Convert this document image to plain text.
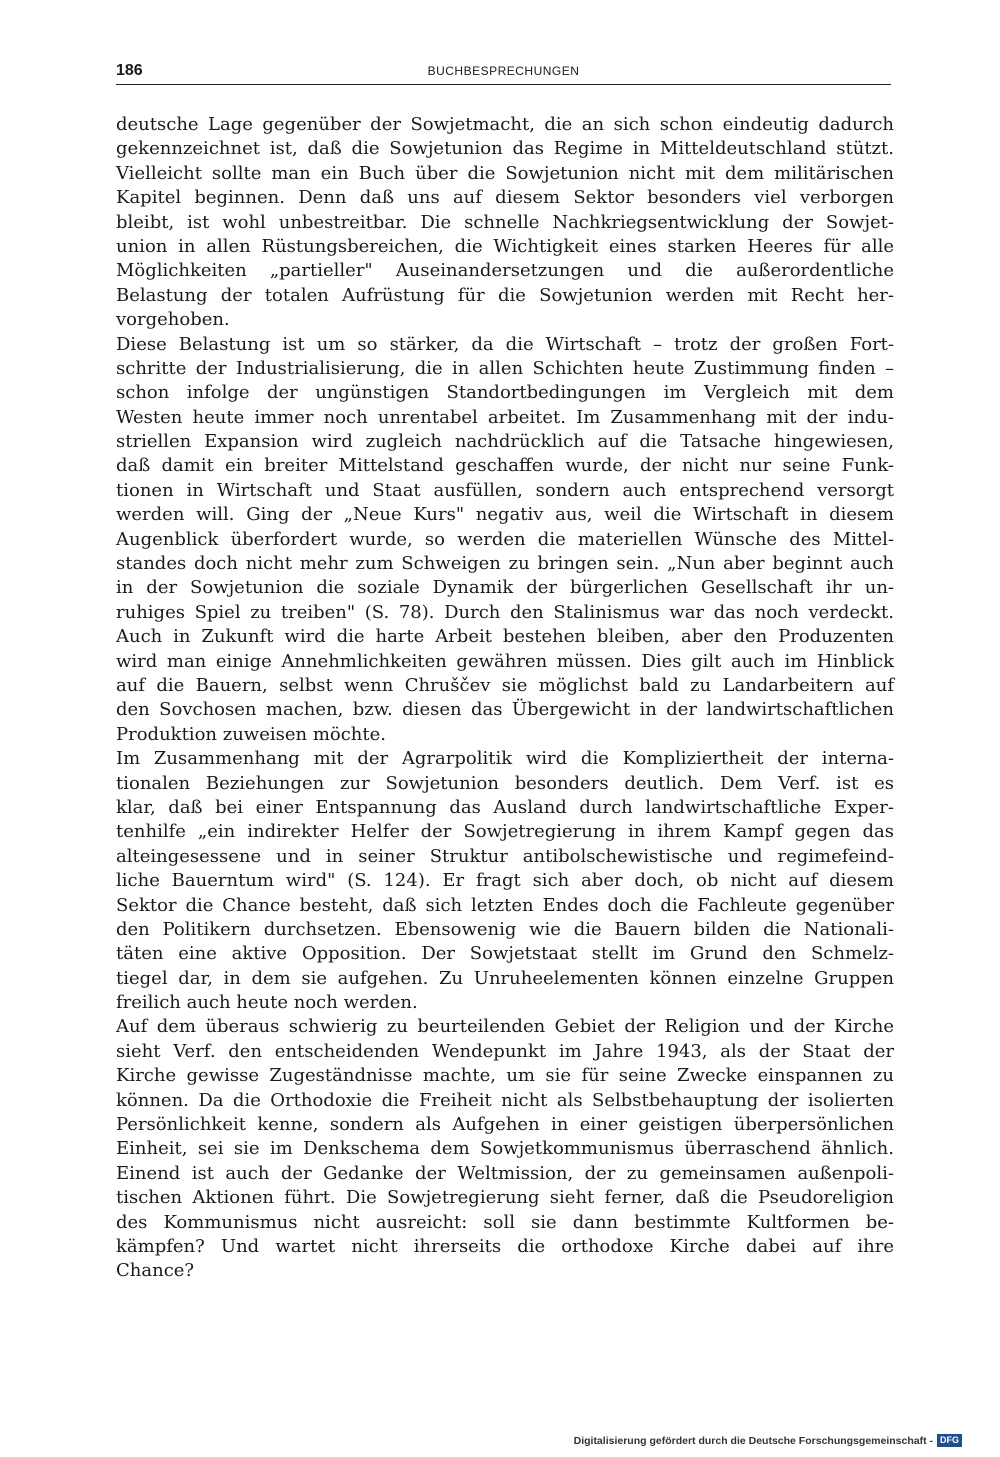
186	BUCHBESPRECHUNGEN
deutsche Lage gegenüber der Sowjetmacht, die an sich schon eindeutig dadurch
gekennzeichnet ist, daß die Sowjetunion das Regime in Mitteldeutschland stützt.
Vielleicht sollte man ein Buch über die Sowjetunion nicht mit dem militärischen
Kapitel beginnen. Denn daß uns auf diesem Sektor besonders viel verborgen
bleibt, ist wohl unbestreitbar. Die schnelle Nachkriegsentwicklung der Sowjet-
union in allen Rüstungsbereichen, die Wichtigkeit eines starken Heeres für alle
Möglichkeiten „partieller" Auseinandersetzungen und die außerordentliche
Belastung der totalen Aufrüstung für die Sowjetunion werden mit Recht her-
vorgehoben.
Diese Belastung ist um so stärker, da die Wirtschaft – trotz der großen Fort-
schritte der Industrialisierung, die in allen Schichten heute Zustimmung finden –
schon infolge der ungünstigen Standortbedingungen im Vergleich mit dem
Westen heute immer noch unrentabel arbeitet. Im Zusammenhang mit der indu-
striellen Expansion wird zugleich nachdrücklich auf die Tatsache hingewiesen,
daß damit ein breiter Mittelstand geschaffen wurde, der nicht nur seine Funk-
tionen in Wirtschaft und Staat ausfüllen, sondern auch entsprechend versorgt
werden will. Ging der „Neue Kurs" negativ aus, weil die Wirtschaft in diesem
Augenblick überfordert wurde, so werden die materiellen Wünsche des Mittel-
standes doch nicht mehr zum Schweigen zu bringen sein. „Nun aber beginnt auch
in der Sowjetunion die soziale Dynamik der bürgerlichen Gesellschaft ihr un-
ruhiges Spiel zu treiben" (S. 78). Durch den Stalinismus war das noch verdeckt.
Auch in Zukunft wird die harte Arbeit bestehen bleiben, aber den Produzenten
wird man einige Annehmlichkeiten gewähren müssen. Dies gilt auch im Hinblick
auf die Bauern, selbst wenn Chruščev sie möglichst bald zu Landarbeitern auf
den Sovchosen machen, bzw. diesen das Übergewicht in der landwirtschaftlichen
Produktion zuweisen möchte.
Im Zusammenhang mit der Agrarpolitik wird die Kompliziertheit der interna-
tionalen Beziehungen zur Sowjetunion besonders deutlich. Dem Verf. ist es
klar, daß bei einer Entspannung das Ausland durch landwirtschaftliche Exper-
tenhilfe „ein indirekter Helfer der Sowjetregierung in ihrem Kampf gegen das
alteingesessene und in seiner Struktur antibolschewistische und regimefeind-
liche Bauerntum wird" (S. 124). Er fragt sich aber doch, ob nicht auf diesem
Sektor die Chance besteht, daß sich letzten Endes doch die Fachleute gegenüber
den Politikern durchsetzen. Ebensowenig wie die Bauern bilden die Nationali-
täten eine aktive Opposition. Der Sowjetstaat stellt im Grund den Schmelz-
tiegel dar, in dem sie aufgehen. Zu Unruheelementen können einzelne Gruppen
freilich auch heute noch werden.
Auf dem überaus schwierig zu beurteilenden Gebiet der Religion und der Kirche
sieht Verf. den entscheidenden Wendepunkt im Jahre 1943, als der Staat der
Kirche gewisse Zugeständnisse machte, um sie für seine Zwecke einspannen zu
können. Da die Orthodoxie die Freiheit nicht als Selbstbehauptung der isolierten
Persönlichkeit kenne, sondern als Aufgehen in einer geistigen überpersönlichen
Einheit, sei sie im Denkschema dem Sowjetkommunismus überraschend ähnlich.
Einend ist auch der Gedanke der Weltmission, der zu gemeinsamen außenpoli-
tischen Aktionen führt. Die Sowjetregierung sieht ferner, daß die Pseudoreligion
des Kommunismus nicht ausreicht: soll sie dann bestimmte Kultformen be-
kämpfen? Und wartet nicht ihrerseits die orthodoxe Kirche dabei auf ihre
Chance?
Digitalisierung gefördert durch die Deutsche Forschungsgemeinschaft - DFG
